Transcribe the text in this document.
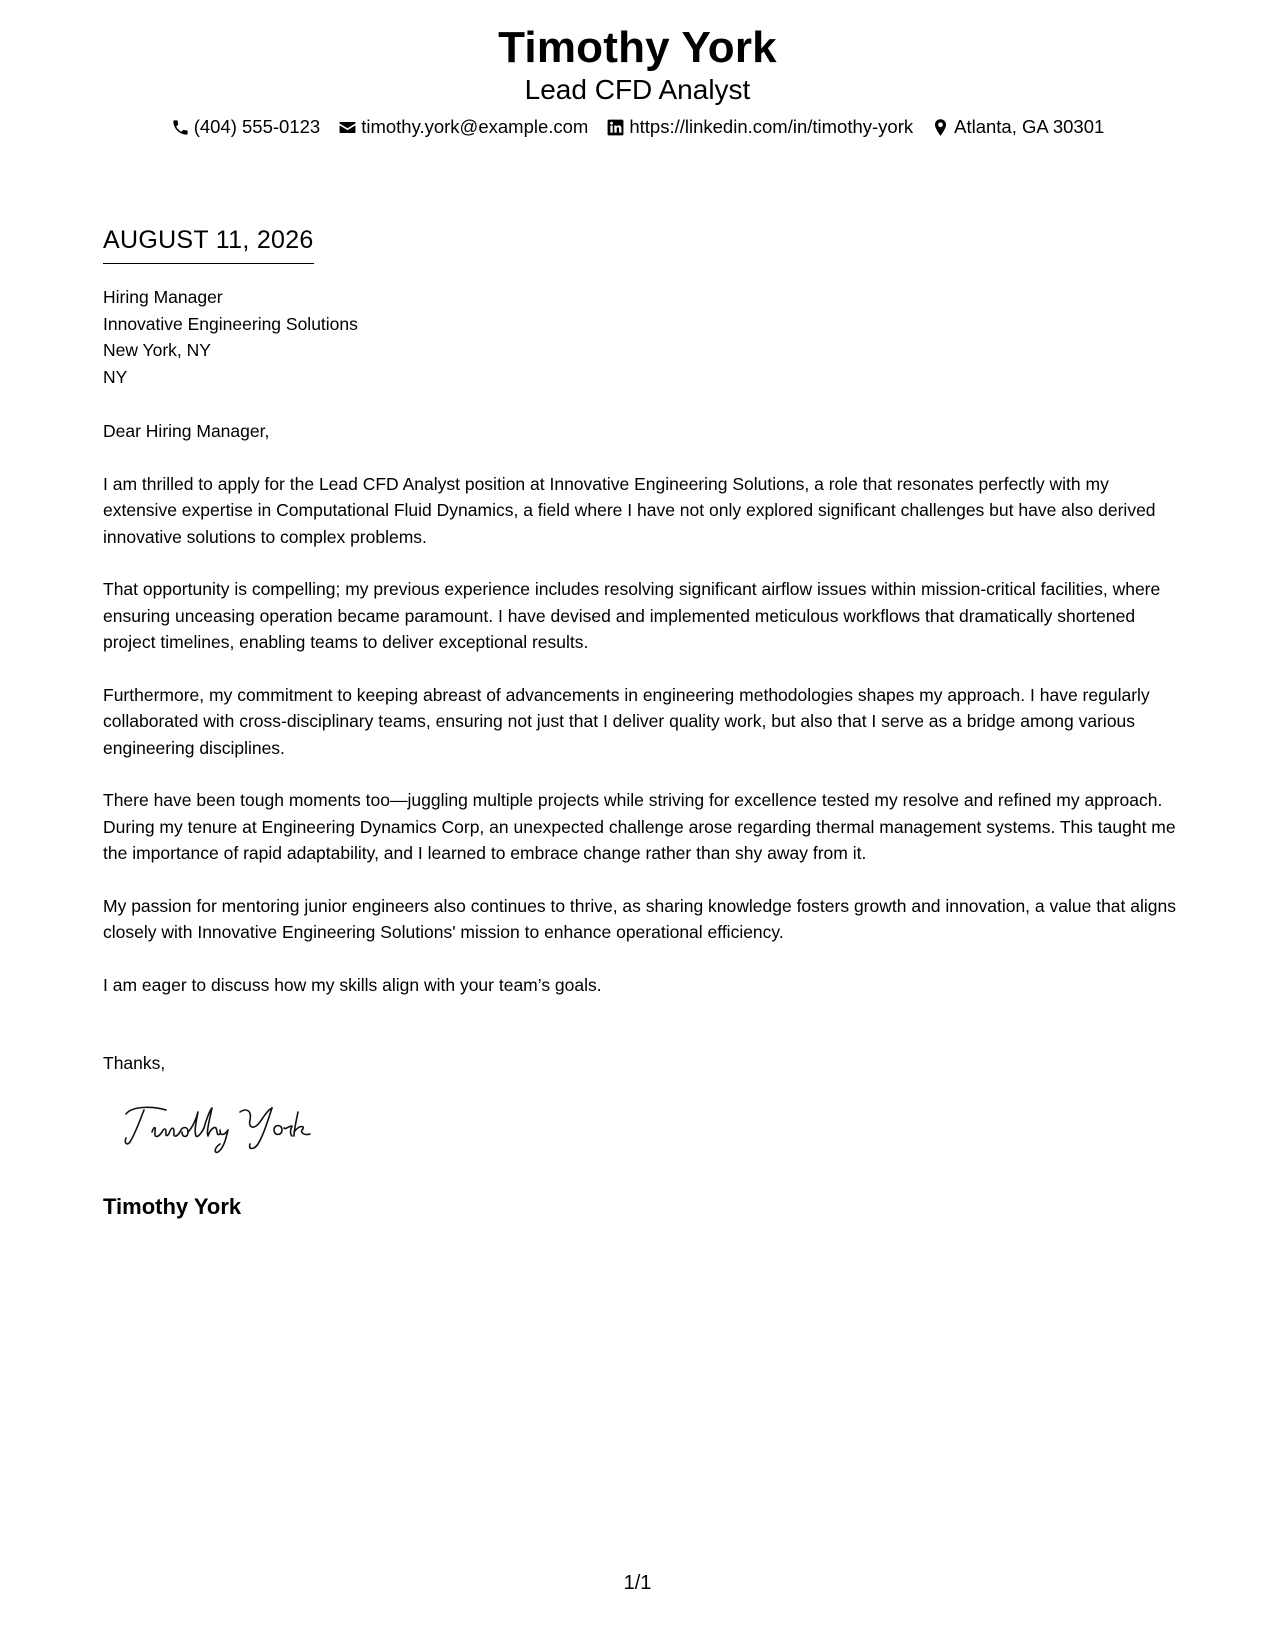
Timothy York
Lead CFD Analyst
(404) 555-0123 timothy.york@example.com https://linkedin.com/in/timothy-york Atlanta, GA 30301
AUGUST 11, 2026
Hiring Manager
Innovative Engineering Solutions
New York, NY
NY

Dear Hiring Manager,

I am thrilled to apply for the Lead CFD Analyst position at Innovative Engineering Solutions, a role that resonates perfectly with my extensive expertise in Computational Fluid Dynamics, a field where I have not only explored significant challenges but have also derived innovative solutions to complex problems.

That opportunity is compelling; my previous experience includes resolving significant airflow issues within mission-critical facilities, where ensuring unceasing operation became paramount. I have devised and implemented meticulous workflows that dramatically shortened project timelines, enabling teams to deliver exceptional results.

Furthermore, my commitment to keeping abreast of advancements in engineering methodologies shapes my approach. I have regularly collaborated with cross-disciplinary teams, ensuring not just that I deliver quality work, but also that I serve as a bridge among various engineering disciplines.

There have been tough moments too—juggling multiple projects while striving for excellence tested my resolve and refined my approach. During my tenure at Engineering Dynamics Corp, an unexpected challenge arose regarding thermal management systems. This taught me the importance of rapid adaptability, and I learned to embrace change rather than shy away from it.

My passion for mentoring junior engineers also continues to thrive, as sharing knowledge fosters growth and innovation, a value that aligns closely with Innovative Engineering Solutions' mission to enhance operational efficiency.

I am eager to discuss how my skills align with your team’s goals.

Thanks,
Timothy York
1/1
